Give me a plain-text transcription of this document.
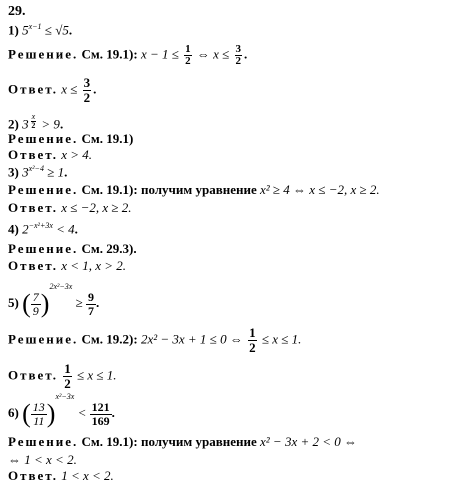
29.
1) $5^{x-1} \le √5$.
Решение. См. 19.1): $x - 1 \le \frac{1}{2}$ ⇔ $x \le \frac{3}{2}$ .
Ответ. $x \le \frac{3}{2}$ .
2) 3 $^{\frac{x}{2}}$ > 9.
Решение. См. 19.1)
Ответ. x > 4.
3) $3^{x^2-4} \ge 1$.
Решение. См. 19.1): получим уравнение x² ≥ 4 ⇔ x ≤ −2, x ≥ 2.
Ответ. x ≤ −2, x ≥ 2.
4) $2^{-x^2+3x} < 4$.
Решение. См. 29.3).
Ответ. x < 1, x > 2.
5) ( $\frac{7}{9} )^{2x^2-3x} \ge \frac{9}{7}$ .
Решение. См. 19.2): 2x² − 3x + 1 ≤ 0 ⇔ $\frac{1}{2} \le x \le 1$.
Ответ. $\frac{1}{2} \le x \le 1$.
6) ( $\frac{13}{11} )^{x^2-3x} < \frac{121}{169}$ .
Решение. См. 19.1): получим уравнение x² − 3x + 2 < 0 ⇔
⇔ 1 < x < 2.
Ответ. 1 < x < 2.
